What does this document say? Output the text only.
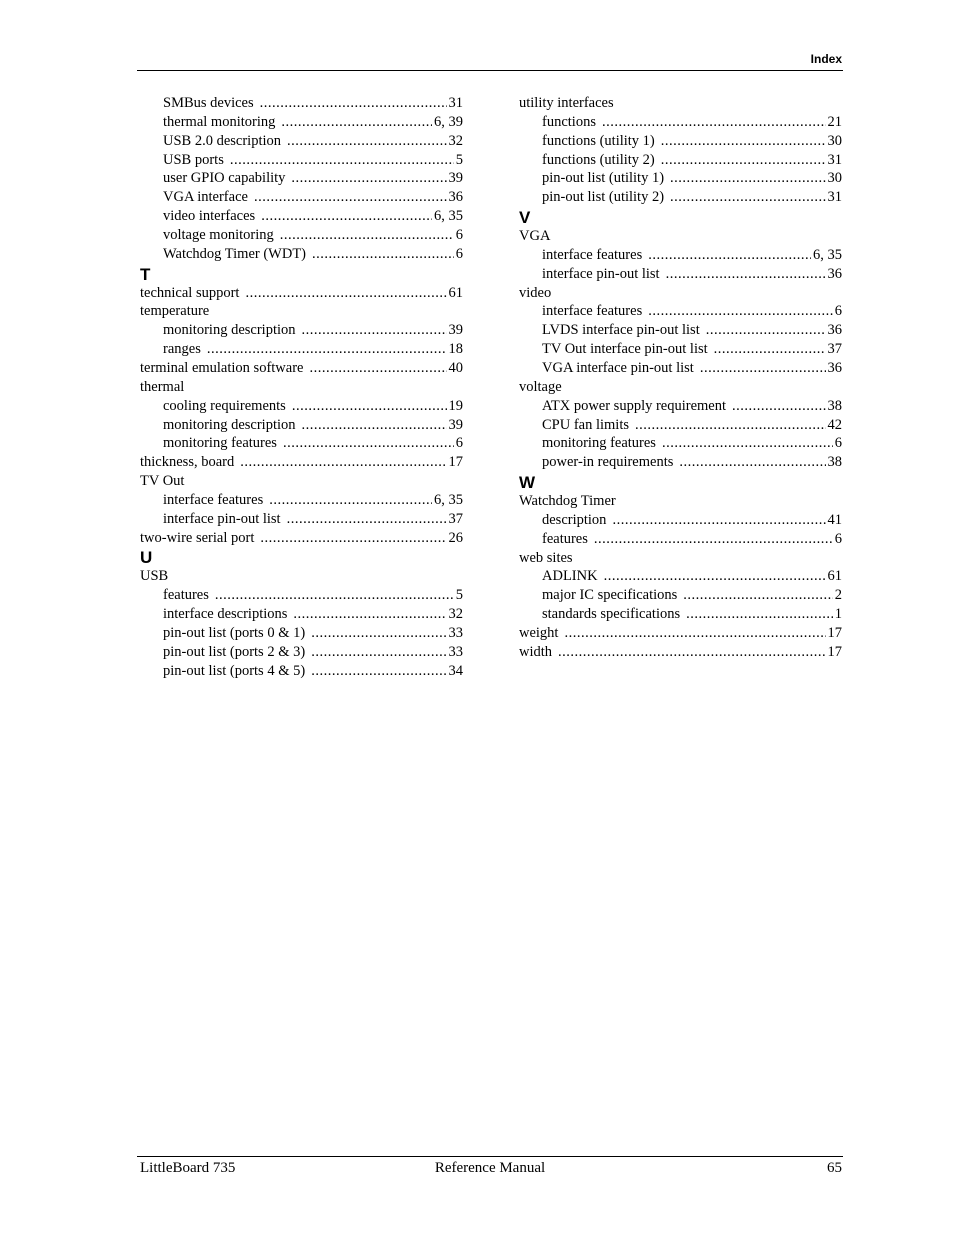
Index
SMBus devices .....	31
thermal monitoring .....	6, 39
USB 2.0 description .....	32
USB ports .....	5
user GPIO capability .....	39
VGA interface .....	36
video interfaces .....	6, 35
voltage monitoring .....	6
Watchdog Timer (WDT) .....	6
T
technical support .....	61
temperature
monitoring description .....	39
ranges .....	18
terminal emulation software .....	40
thermal
cooling requirements .....	19
monitoring description .....	39
monitoring features .....	6
thickness, board .....	17
TV Out
interface features .....	6, 35
interface pin-out list .....	37
two-wire serial port .....	26
U
USB
features .....	5
interface descriptions .....	32
pin-out list (ports 0 & 1) .....	33
pin-out list (ports 2 & 3) .....	33
pin-out list (ports 4 & 5) .....	34
utility interfaces
functions .....	21
functions (utility 1) .....	30
functions (utility 2) .....	31
pin-out list (utility 1) .....	30
pin-out list (utility 2) .....	31
V
VGA
interface features .....	6, 35
interface pin-out list .....	36
video
interface features .....	6
LVDS interface pin-out list .....	36
TV Out interface pin-out list .....	37
VGA interface pin-out list .....	36
voltage
ATX power supply requirement .....	38
CPU fan limits .....	42
monitoring features .....	6
power-in requirements .....	38
W
Watchdog Timer
description .....	41
features .....	6
web sites
ADLINK .....	61
major IC specifications .....	2
standards specifications .....	1
weight .....	17
width .....	17
LittleBoard 735	Reference Manual	65
